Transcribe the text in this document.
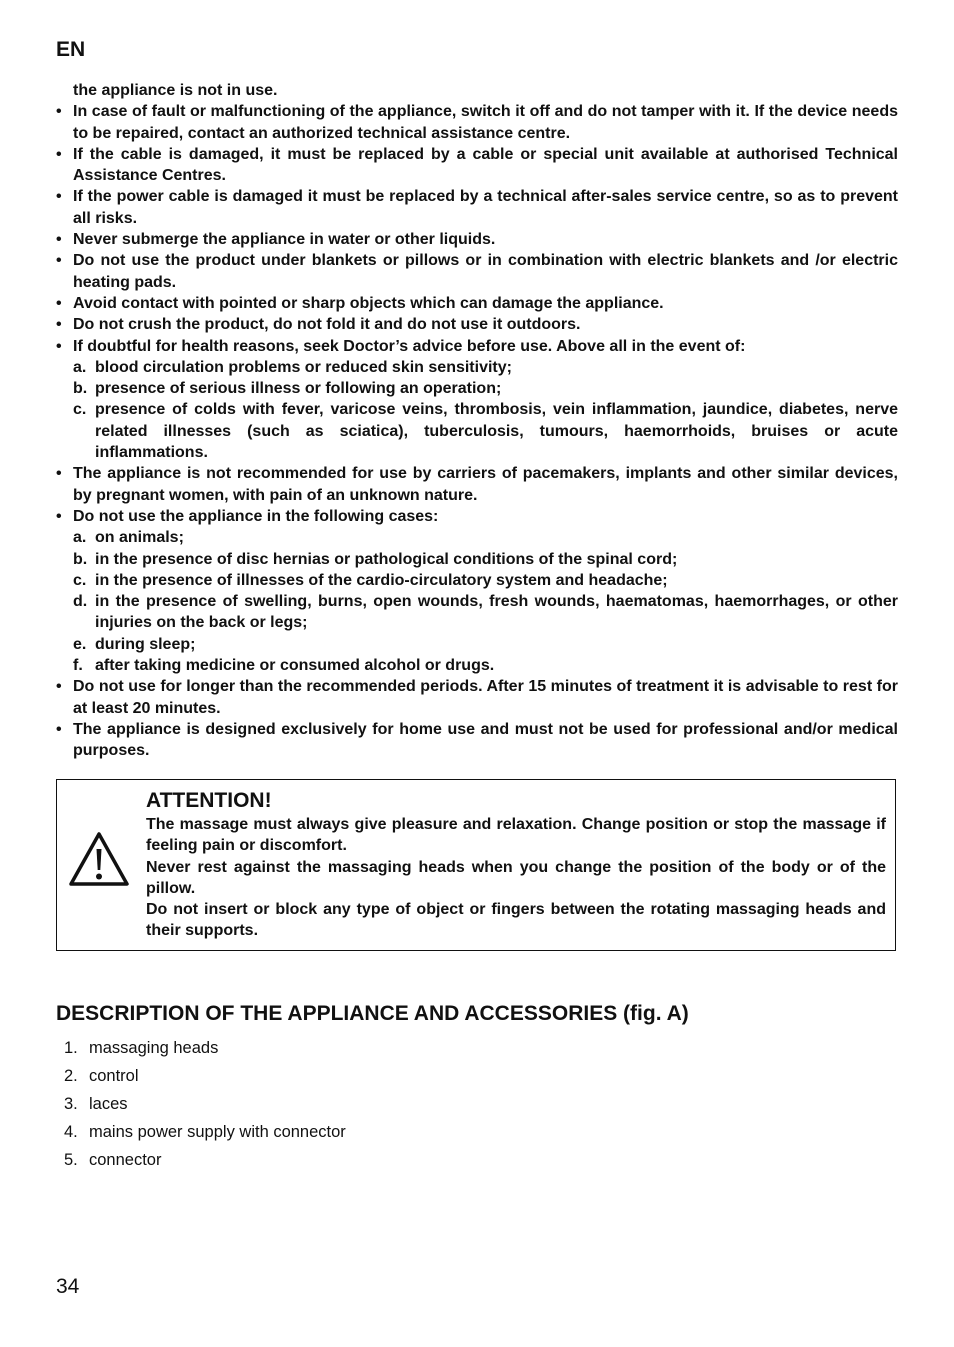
EN
the appliance is not in use.
• In case of fault or malfunctioning of the appliance, switch it off and do not tamper with it. If the device needs to be repaired, contact an authorized technical assistance centre.
• If the cable is damaged, it must be replaced by a cable or special unit available at authorised Technical Assistance Centres.
• If the power cable is damaged it must be replaced by a technical after-sales service centre, so as to prevent all risks.
• Never submerge the appliance in water or other liquids.
• Do not use the product under blankets or pillows or in combination with electric blankets and /or electric heating pads.
• Avoid contact with pointed or sharp objects which can damage the appliance.
• Do not crush the product, do not fold it and do not use it outdoors.
• If doubtful for health reasons, seek Doctor’s advice before use. Above all in the event of:
a. blood circulation problems or reduced skin sensitivity;
b. presence of serious illness or following an operation;
c. presence of colds with fever, varicose veins, thrombosis, vein inflammation, jaundice, diabetes, nerve related illnesses (such as sciatica), tuberculosis, tumours, haemorrhoids, bruises or acute inflammations.
• The appliance is not recommended for use by carriers of pacemakers, implants and other similar devices, by pregnant women, with pain of an unknown nature.
• Do not use the appliance in the following cases:
a. on animals;
b. in the presence of disc hernias or pathological conditions of the spinal cord;
c. in the presence of illnesses of the cardio-circulatory system and headache;
d. in the presence of swelling, burns, open wounds, fresh wounds, haematomas, haemorrhages, or other injuries on the back or legs;
e. during sleep;
f. after taking medicine or consumed alcohol or drugs.
• Do not use for longer than the recommended periods. After 15 minutes of treatment it is advisable to rest for at least 20 minutes.
• The appliance is designed exclusively for home use and must not be used for professional and/or medical purposes.
ATTENTION!

The massage must always give pleasure and relaxation. Change position or stop the massage if feeling pain or discomfort.

Never rest against the massaging heads when you change the position of the body or of the pillow.

Do not insert or block any type of object or fingers between the rotating massaging heads and their supports.

DESCRIPTION OF THE APPLIANCE AND ACCESSORIES (fig. A)
1. massaging heads
2. control
3. laces
4. mains power supply with connector
5. connector
34
